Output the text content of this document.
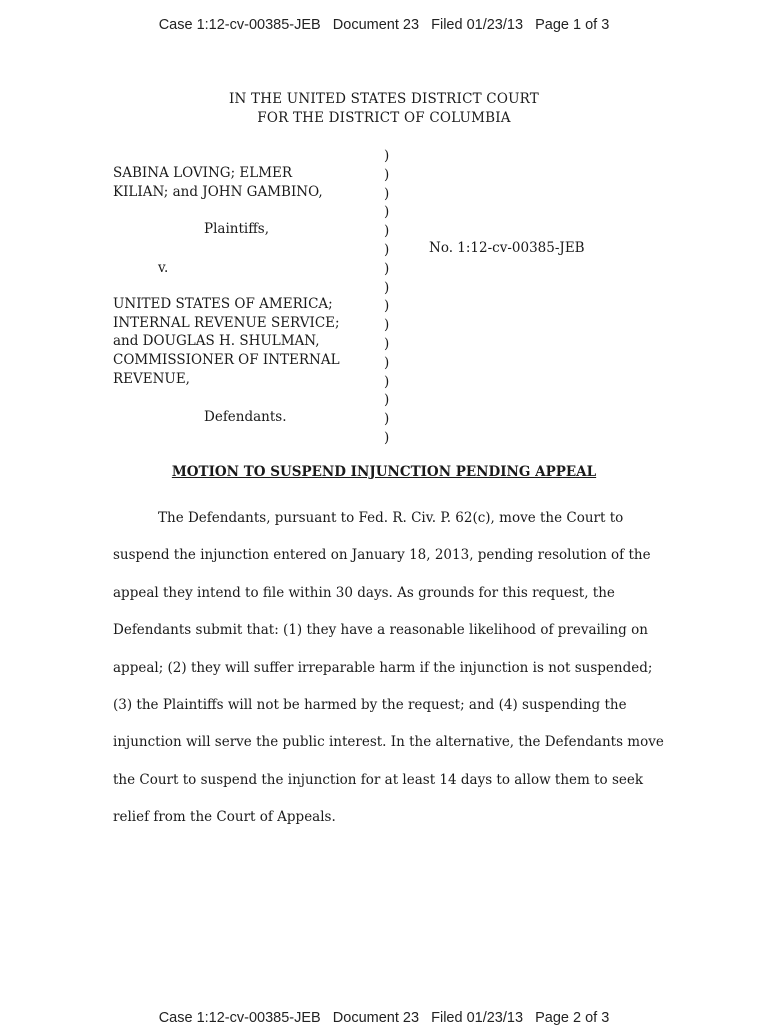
Case 1:12-cv-00385-JEB   Document 23   Filed 01/23/13   Page 1 of 3
IN THE UNITED STATES DISTRICT COURT
FOR THE DISTRICT OF COLUMBIA
SABINA LOVING; ELMER
KILIAN; and JOHN GAMBINO,
Plaintiffs,
v.
UNITED STATES OF AMERICA;
INTERNAL REVENUE SERVICE;
and DOUGLAS H. SHULMAN,
COMMISSIONER OF INTERNAL
REVENUE,
Defendants.
)
)
)
)
)
)
)
)
)
)
)
)
)
)
)
)
No. 1:12-cv-00385-JEB
MOTION TO SUSPEND INJUNCTION PENDING APPEAL
The Defendants, pursuant to Fed. R. Civ. P. 62(c), move the Court to
suspend the injunction entered on January 18, 2013, pending resolution of the
appeal they intend to file within 30 days. As grounds for this request, the
Defendants submit that: (1) they have a reasonable likelihood of prevailing on
appeal; (2) they will suffer irreparable harm if the injunction is not suspended;
(3) the Plaintiffs will not be harmed by the request; and (4) suspending the
injunction will serve the public interest. In the alternative, the Defendants move
the Court to suspend the injunction for at least 14 days to allow them to seek
relief from the Court of Appeals.
Case 1:12-cv-00385-JEB   Document 23   Filed 01/23/13   Page 2 of 3
